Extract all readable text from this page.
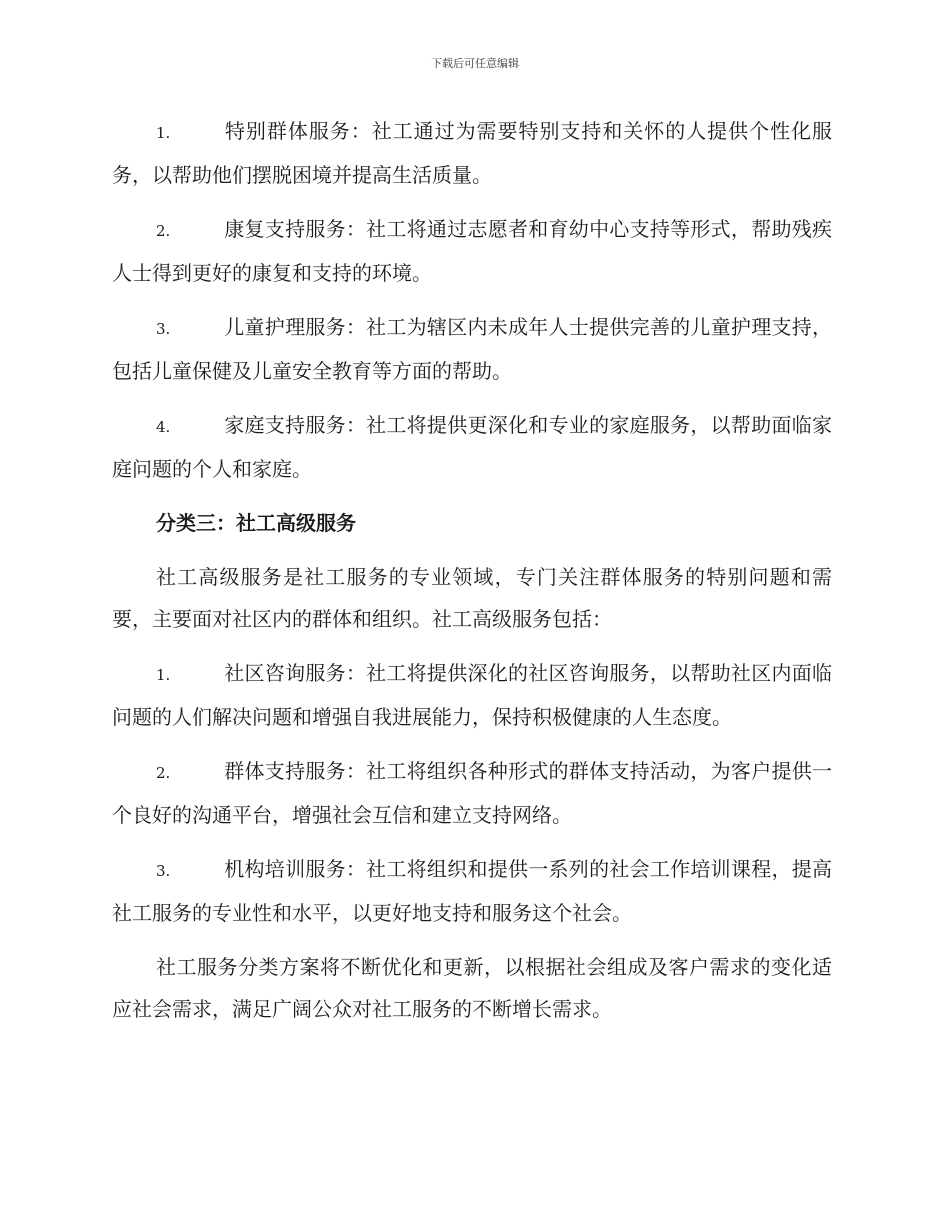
下载后可任意编辑
1.	特别群体服务：社工通过为需要特别支持和关怀的人提供个性化服务，以帮助他们摆脱困境并提高生活质量。
2.	康复支持服务：社工将通过志愿者和育幼中心支持等形式，帮助残疾人士得到更好的康复和支持的环境。
3.	儿童护理服务：社工为辖区内未成年人士提供完善的儿童护理支持，包括儿童保健及儿童安全教育等方面的帮助。
4.	家庭支持服务：社工将提供更深化和专业的家庭服务，以帮助面临家庭问题的个人和家庭。
分类三：社工高级服务
社工高级服务是社工服务的专业领域，专门关注群体服务的特别问题和需要，主要面对社区内的群体和组织。社工高级服务包括：
1.	社区咨询服务：社工将提供深化的社区咨询服务，以帮助社区内面临问题的人们解决问题和增强自我进展能力，保持积极健康的人生态度。
2.	群体支持服务：社工将组织各种形式的群体支持活动，为客户提供一个良好的沟通平台，增强社会互信和建立支持网络。
3.	机构培训服务：社工将组织和提供一系列的社会工作培训课程，提高社工服务的专业性和水平，以更好地支持和服务这个社会。
社工服务分类方案将不断优化和更新，以根据社会组成及客户需求的变化适应社会需求，满足广阔公众对社工服务的不断增长需求。
